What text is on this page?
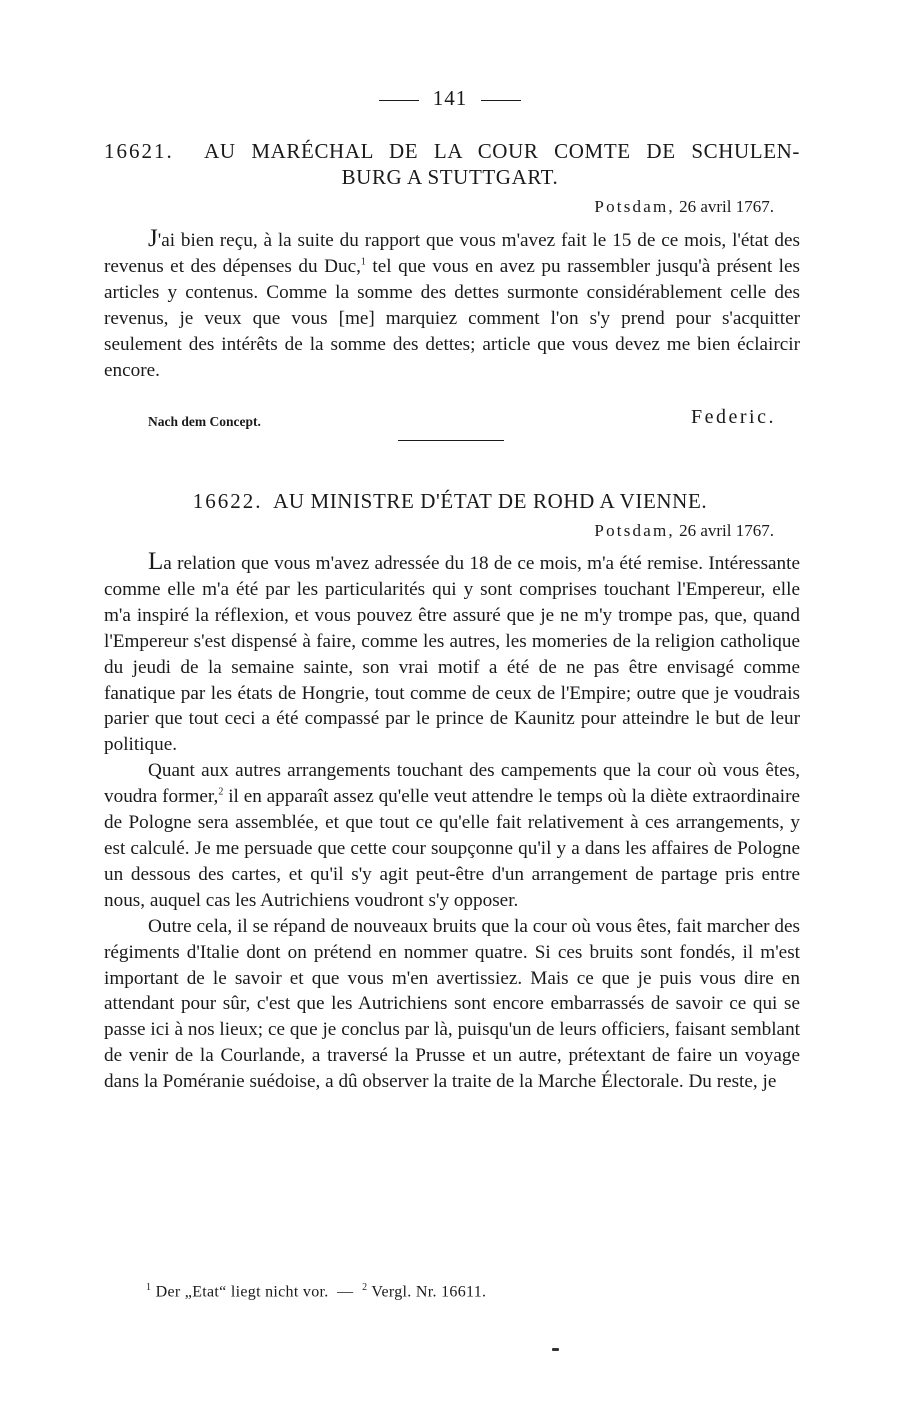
141
16621. AU MARÉCHAL DE LA COUR COMTE DE SCHULEN-
BURG A STUTTGART.
Potsdam, 26 avril 1767.

J'ai bien reçu, à la suite du rapport que vous m'avez fait le 15 de ce mois, l'état des revenus et des dépenses du Duc,$^1$ tel que vous en avez pu rassembler jusqu'à présent les articles y contenus. Comme la somme des dettes surmonte considérablement celle des revenus, je veux que vous [me] marquiez comment l'on s'y prend pour s'acquitter seulement des intérêts de la somme des dettes; article que vous devez me bien éclaircir encore.

Nach dem Concept.	Federic.
16622. AU MINISTRE D'ÉTAT DE ROHD A VIENNE.
Potsdam, 26 avril 1767.

La relation que vous m'avez adressée du 18 de ce mois, m'a été remise. Intéressante comme elle m'a été par les particularités qui y sont comprises touchant l'Empereur, elle m'a inspiré la réflexion, et vous pouvez être assuré que je ne m'y trompe pas, que, quand l'Empereur s'est dispensé à faire, comme les autres, les momeries de la religion catholique du jeudi de la semaine sainte, son vrai motif a été de ne pas être envisagé comme fanatique par les états de Hongrie, tout comme de ceux de l'Empire; outre que je voudrais parier que tout ceci a été compassé par le prince de Kaunitz pour atteindre le but de leur politique.

Quant aux autres arrangements touchant des campements que la cour où vous êtes, voudra former,$^2$ il en apparaît assez qu'elle veut attendre le temps où la diète extraordinaire de Pologne sera assemblée, et que tout ce qu'elle fait relativement à ces arrangements, y est calculé. Je me persuade que cette cour soupçonne qu'il y a dans les affaires de Pologne un dessous des cartes, et qu'il s'y agit peut-être d'un arrangement de partage pris entre nous, auquel cas les Autrichiens voudront s'y opposer.

Outre cela, il se répand de nouveaux bruits que la cour où vous êtes, fait marcher des régiments d'Italie dont on prétend en nommer quatre. Si ces bruits sont fondés, il m'est important de le savoir et que vous m'en avertissiez. Mais ce que je puis vous dire en attendant pour sûr, c'est que les Autrichiens sont encore embarrassés de savoir ce qui se passe ici à nos lieux; ce que je conclus par là, puisqu'un de leurs officiers, faisant semblant de venir de la Courlande, a traversé la Prusse et un autre, prétextant de faire un voyage dans la Poméranie suédoise, a dû observer la traite de la Marche Électorale. Du reste, je

$^1$ Der „Etat“ liegt nicht vor. — $^2$ Vergl. Nr. 16611.
